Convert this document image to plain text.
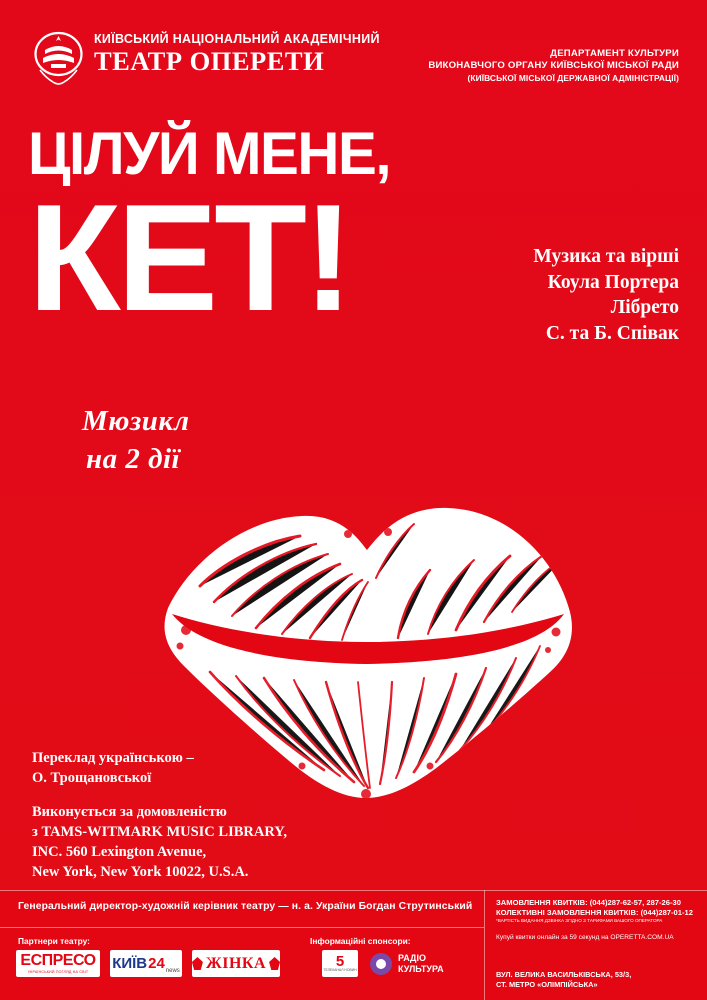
КИЇВСЬКИЙ НАЦІОНАЛЬНИЙ АКАДЕМІЧНИЙ
ТЕАТР ОПЕРЕТИ	ДЕПАРТАМЕНТ КУЛЬТУРИ
ВИКОНАВЧОГО ОРГАНУ КИЇВСЬКОЇ МІСЬКОЇ РАДИ
(КИЇВСЬКОЇ МІСЬКОЇ ДЕРЖАВНОЇ АДМІНІСТРАЦІЇ)
ЦІЛУЙ МЕНЕ,
КЕТ!	Музика та вірші
Коула Портера
Лібрето
С. та Б. Співак
Мюзикл
на 2 дії
Переклад українською –
О. Трощановської
Виконується за домовленістю
з TAMS-WITMARK MUSIC LIBRARY,
INC. 560 Lexington Avenue,
New York, New York 10022, U.S.A.
Генеральний директор-художній керівник театру — н. а. України Богдан Струтинський
Партнери театру:	Інформаційні спонсори:
ЕСПРЕСО
УКРАЇНСЬКИЙ ПОГЛЯД НА СВІТ КИЇВ 24 news ЖІНКА	5
ТЕЛЕКАНАЛ НОВИН
РАДІО
КУЛЬТУРА
ЗАМОВЛЕННЯ КВИТКІВ: (044)287-62-57, 287-26-30
КОЛЕКТИВНІ ЗАМОВЛЕННЯ КВИТКІВ: (044)287-01-12
*ВАРТІСТЬ ВИДАННЯ ДЗВІНКА ЗГІДНО З ТАРИФАМИ ВАШОГО ОПЕРАТОРА
Купуй квитки онлайн за 59 секунд на OPERETTA.COM.UA
ВУЛ. ВЕЛИКА ВАСИЛЬКІВСЬКА, 53/3,
СТ. МЕТРО «ОЛІМПІЙСЬКА»
